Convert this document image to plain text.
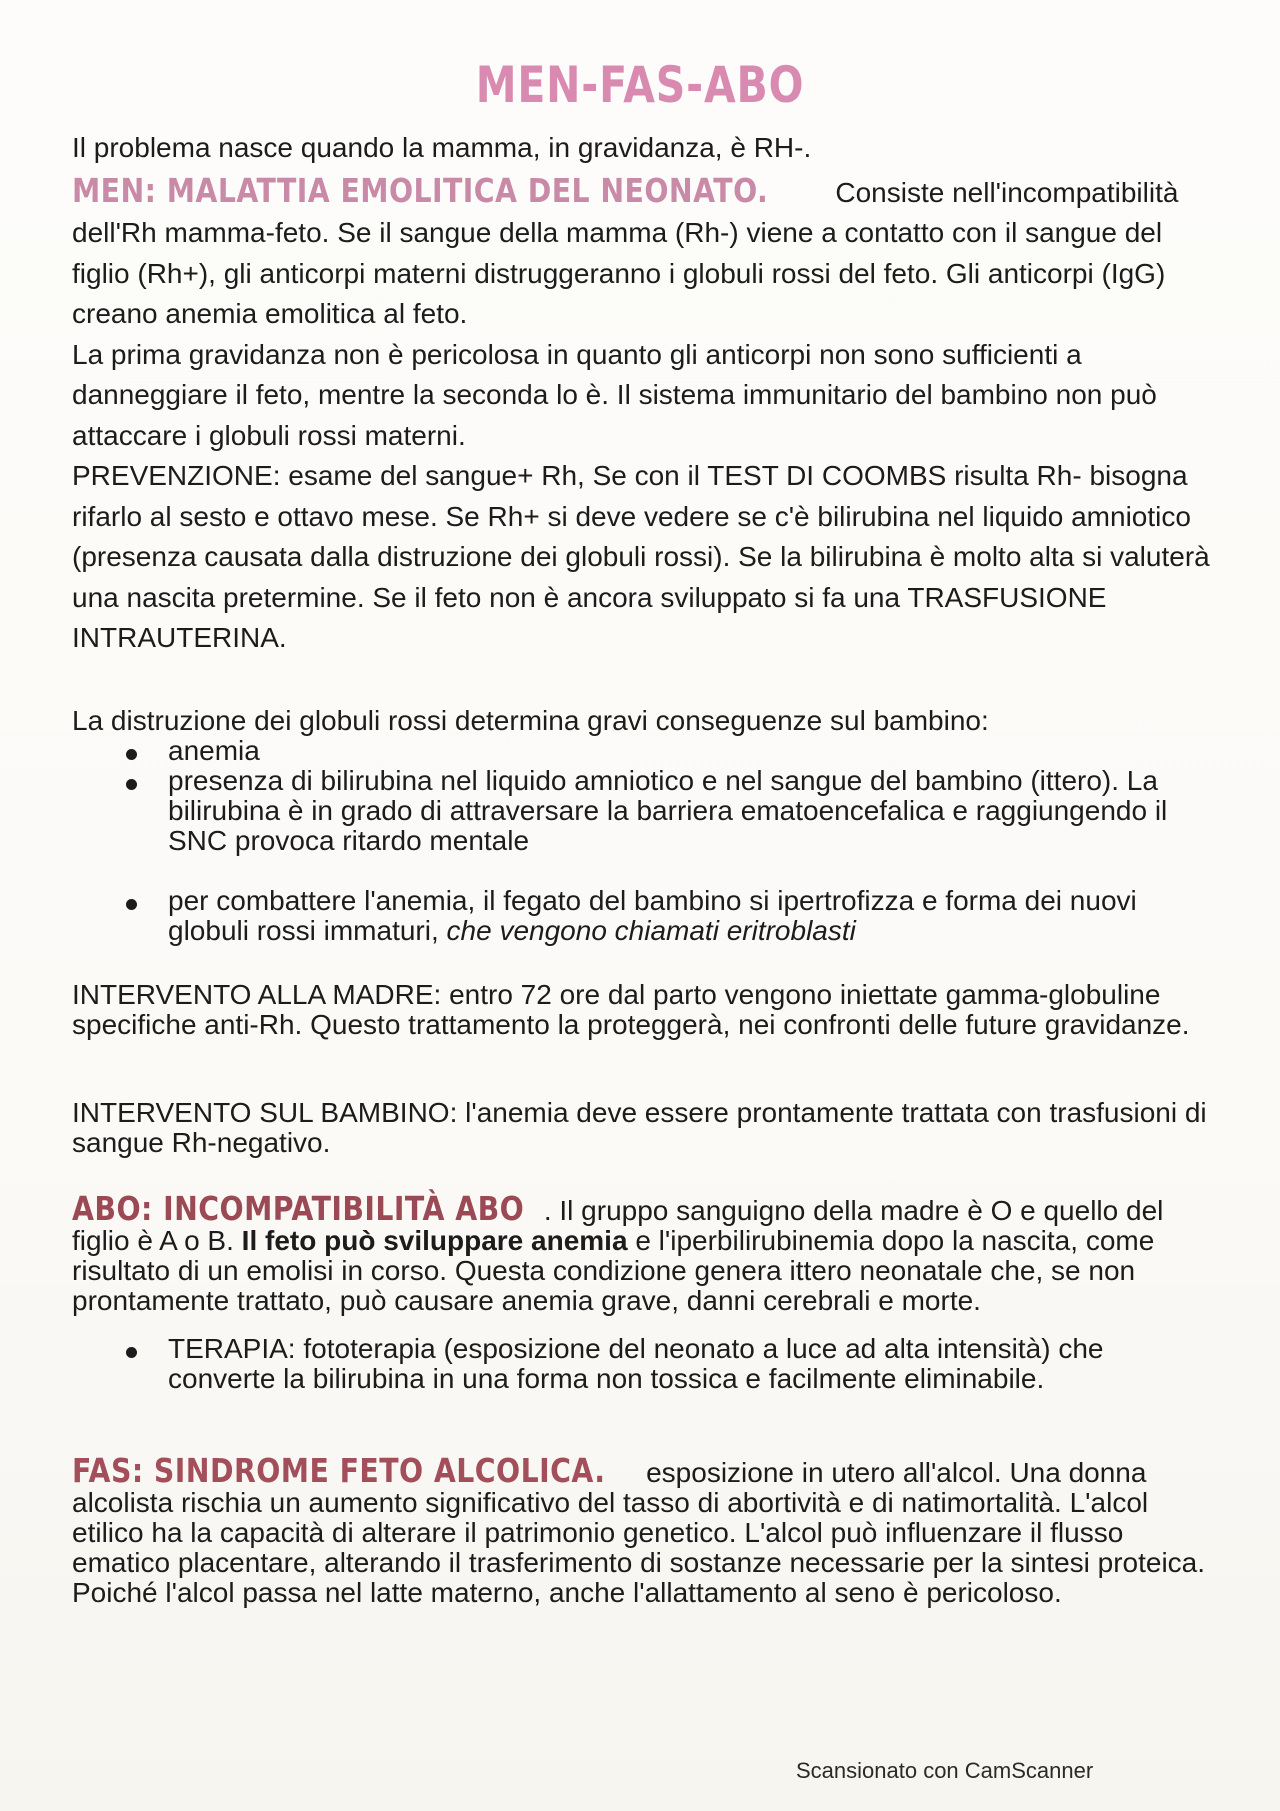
MEN-FAS-ABO
Il problema nasce quando la mamma, in gravidanza, è RH-.
MEN: MALATTIA EMOLITICA DEL NEONATO. Consiste nell'incompatibilità dell'Rh mamma-feto. Se il sangue della mamma (Rh-) viene a contatto con il sangue del figlio (Rh+), gli anticorpi materni distruggeranno i globuli rossi del feto. Gli anticorpi (IgG) creano anemia emolitica al feto.
La prima gravidanza non è pericolosa in quanto gli anticorpi non sono sufficienti a danneggiare il feto, mentre la seconda lo è. Il sistema immunitario del bambino non può attaccare i globuli rossi materni.
PREVENZIONE: esame del sangue+ Rh, Se con il TEST DI COOMBS risulta Rh- bisogna rifarlo al sesto e ottavo mese. Se Rh+ si deve vedere se c'è bilirubina nel liquido amniotico (presenza causata dalla distruzione dei globuli rossi). Se la bilirubina è molto alta si valuterà una nascita pretermine. Se il feto non è ancora sviluppato si fa una TRASFUSIONE INTRAUTERINA.
La distruzione dei globuli rossi determina gravi conseguenze sul bambino:
anemia
presenza di bilirubina nel liquido amniotico e nel sangue del bambino (ittero). La bilirubina è in grado di attraversare la barriera ematoencefalica e raggiungendo il SNC provoca ritardo mentale
per combattere l'anemia, il fegato del bambino si ipertrofizza e forma dei nuovi globuli rossi immaturi, che vengono chiamati eritroblasti
INTERVENTO ALLA MADRE: entro 72 ore dal parto vengono iniettate gamma-globuline specifiche anti-Rh. Questo trattamento la proteggerà, nei confronti delle future gravidanze.
INTERVENTO SUL BAMBINO: l'anemia deve essere prontamente trattata con trasfusioni di sangue Rh-negativo.
ABO: INCOMPATIBILITÀ ABO . Il gruppo sanguigno della madre è O e quello del figlio è A o B. Il feto può sviluppare anemia e l'iperbilirubinemia dopo la nascita, come risultato di un emolisi in corso. Questa condizione genera ittero neonatale che, se non prontamente trattato, può causare anemia grave, danni cerebrali e morte.
TERAPIA: fototerapia (esposizione del neonato a luce ad alta intensità) che converte la bilirubina in una forma non tossica e facilmente eliminabile.
FAS: SINDROME FETO ALCOLICA. esposizione in utero all'alcol. Una donna alcolista rischia un aumento significativo del tasso di abortività e di natimortalità. L'alcol etilico ha la capacità di alterare il patrimonio genetico. L'alcol può influenzare il flusso ematico placentare, alterando il trasferimento di sostanze necessarie per la sintesi proteica. Poiché l'alcol passa nel latte materno, anche l'allattamento al seno è pericoloso.
Scansionato con CamScanner
